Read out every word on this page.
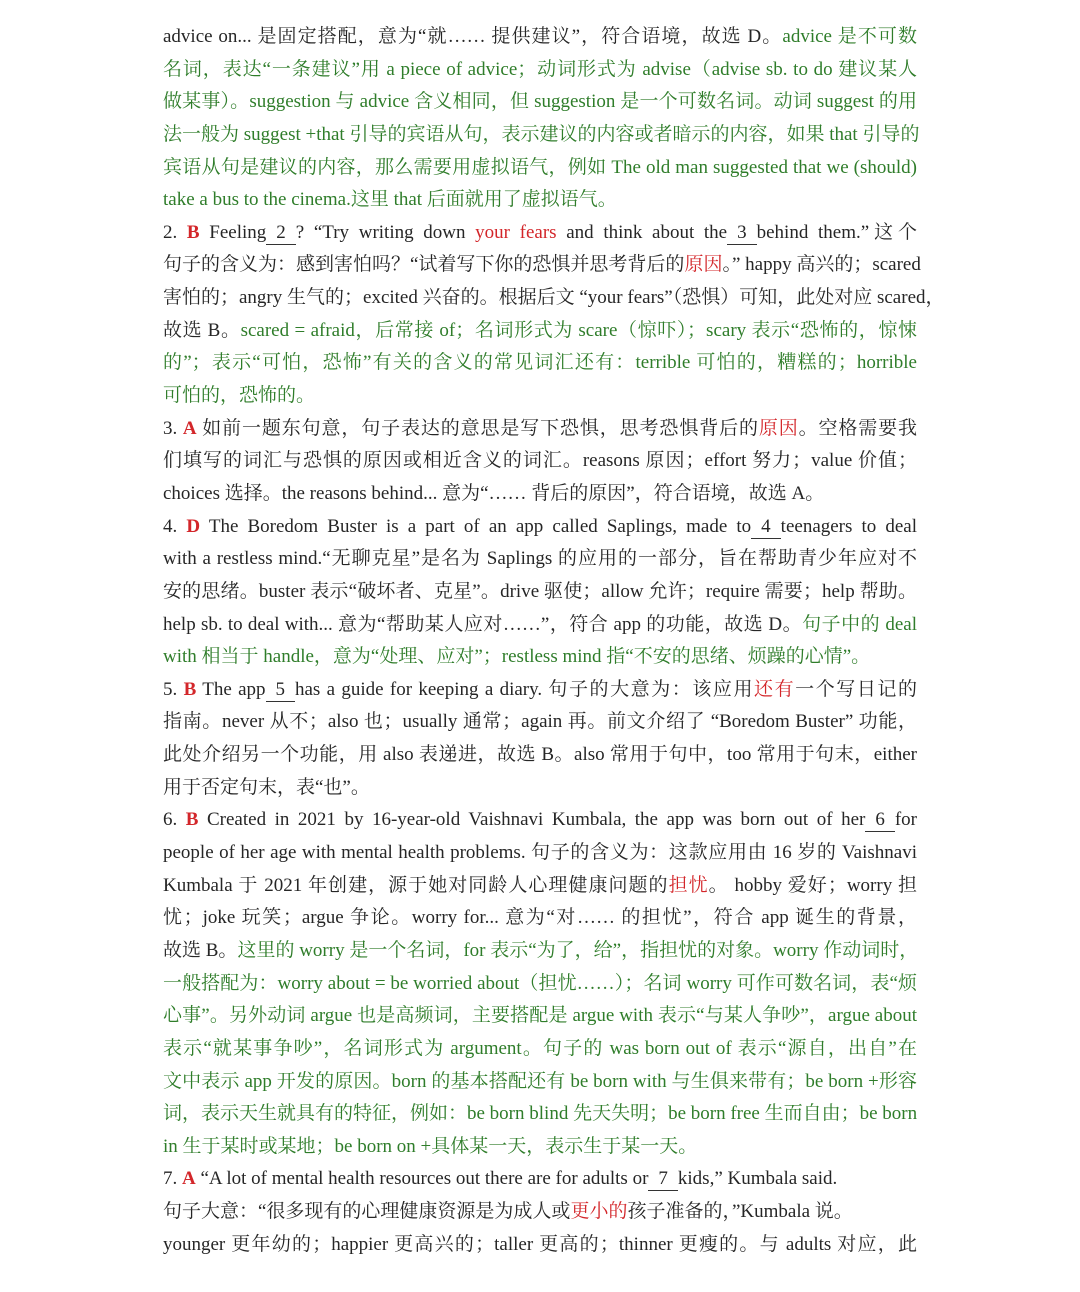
advice on... 是固定搭配，意为“就…… 提供建议”，符合语境，故选 D。advice 是不可数
名词，表达“一条建议”用 a piece of advice；动词形式为 advise（advise sb. to do 建议某人
做某事）。suggestion 与 advice 含义相同，但 suggestion 是一个可数名词。动词 suggest 的用
法一般为 suggest +that 引导的宾语从句，表示建议的内容或者暗示的内容，如果 that 引导的
宾语从句是建议的内容，那么需要用虚拟语气，例如 The old man suggested that we (should)
take a bus to the cinema.这里 that 后面就用了虚拟语气。
2. B Feeling 2 ? “Try writing down your fears and think about the 3 behind them.”这个
句子的含义为：感到害怕吗？“试着写下你的恐惧并思考背后的原因。” happy 高兴的；scared
害怕的；angry 生气的；excited 兴奋的。根据后文 “your fears”（恐惧）可知，此处对应 scared，
故选 B。scared = afraid，后常接 of；名词形式为 scare（惊吓）；scary 表示“恐怖的，惊悚
的”；表示“可怕，恐怖”有关的含义的常见词汇还有：terrible 可怕的，糟糕的；horrible
可怕的，恐怖的。
3. A 如前一题东句意，句子表达的意思是写下恐惧，思考恐惧背后的原因。空格需要我
们填写的词汇与恐惧的原因或相近含义的词汇。reasons 原因；effort 努力；value 价值；
choices 选择。the reasons behind... 意为“…… 背后的原因”，符合语境，故选 A。
4. D The Boredom Buster is a part of an app called Saplings, made to 4 teenagers to deal
with a restless mind.“无聊克星”是名为 Saplings 的应用的一部分，旨在帮助青少年应对不
安的思绪。buster 表示“破坏者、克星”。drive 驱使；allow 允许；require 需要；help 帮助。
help sb. to deal with... 意为“帮助某人应对……”，符合 app 的功能，故选 D。句子中的 deal
with 相当于 handle，意为“处理、应对”；restless mind 指“不安的思绪、烦躁的心情”。
5. B The app 5 has a guide for keeping a diary. 句子的大意为：该应用还有一个写日记的
指南。never 从不；also 也；usually 通常；again 再。前文介绍了 “Boredom Buster” 功能，
此处介绍另一个功能，用 also 表递进，故选 B。also 常用于句中，too 常用于句末，either
用于否定句末，表“也”。
6. B Created in 2021 by 16-year-old Vaishnavi Kumbala, the app was born out of her 6 for
people of her age with mental health problems. 句子的含义为：这款应用由 16 岁的 Vaishnavi
Kumbala 于 2021 年创建，源于她对同龄人心理健康问题的担忧。 hobby 爱好；worry 担
忧；joke 玩笑；argue 争论。worry for... 意为“对…… 的担忧”，符合 app 诞生的背景，
故选 B。这里的 worry 是一个名词，for 表示“为了，给”，指担忧的对象。worry 作动词时，
一般搭配为：worry about = be worried about（担忧……）；名词 worry 可作可数名词，表“烦
心事”。另外动词 argue 也是高频词，主要搭配是 argue with 表示“与某人争吵”，argue about
表示“就某事争吵”，名词形式为 argument。句子的 was born out of 表示“源自，出自”在
文中表示 app 开发的原因。born 的基本搭配还有 be born with 与生俱来带有；be born +形容
词，表示天生就具有的特征，例如：be born blind 先天失明；be born free 生而自由；be born
in 生于某时或某地；be born on +具体某一天，表示生于某一天。
7. A “A lot of mental health resources out there are for adults or 7 kids,” Kumbala said.
句子大意：“很多现有的心理健康资源是为成人或更小的孩子准备的，”Kumbala 说。
younger 更年幼的；happier 更高兴的；taller 更高的；thinner 更瘦的。与 adults 对应，此
